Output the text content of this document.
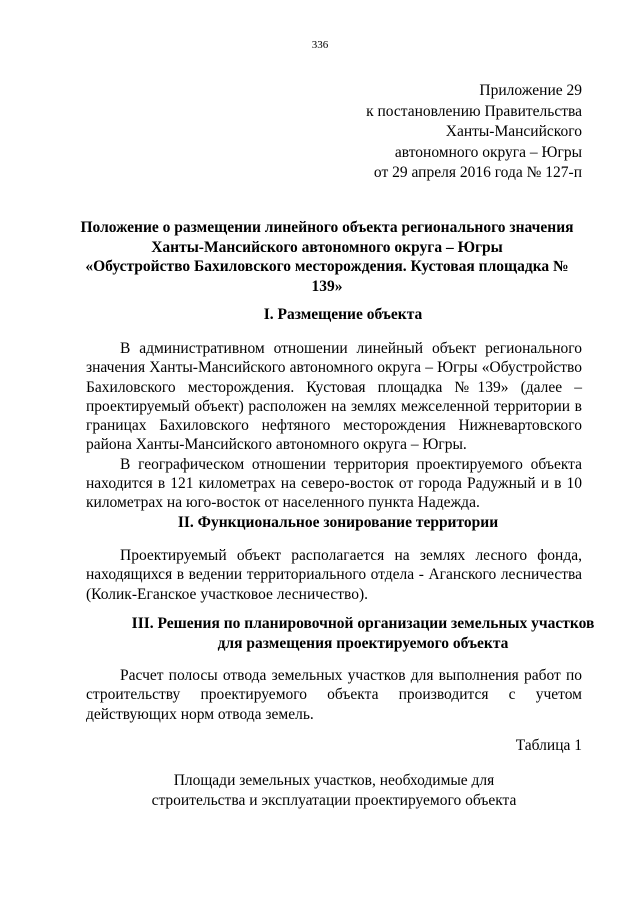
336
Приложение 29
к постановлению Правительства
Ханты-Мансийского
автономного округа – Югры
от 29 апреля 2016 года № 127-п
Положение о размещении линейного объекта регионального значения
Ханты-Мансийского автономного округа – Югры
«Обустройство Бахиловского месторождения. Кустовая площадка №
139»
I. Размещение объекта

В административном отношении линейный объект регионального значения Ханты-Мансийского автономного округа – Югры «Обустройство Бахиловского месторождения. Кустовая площадка №139» (далее – проектируемый объект) расположен на землях межселенной территории в границах Бахиловского нефтяного месторождения Нижневартовского района Ханты-Мансийского автономного округа – Югры.

В географическом отношении территория проектируемого объекта находится в 121 километрах на северо-восток от города Радужный и в 10 километрах на юго-восток от населенного пункта Надежда.

II. Функциональное зонирование территории

Проектируемый объект располагается на землях лесного фонда, находящихся в ведении территориального отдела - Аганского лесничества (Колик-Еганское участковое лесничество).

III. Решения по планировочной организации земельных участков
для размещения проектируемого объекта

Расчет полосы отвода земельных участков для выполнения работ по строительству проектируемого объекта производится с учетом действующих норм отвода земель.

Таблица 1
Площади земельных участков, необходимые для
строительства и эксплуатации проектируемого объекта
